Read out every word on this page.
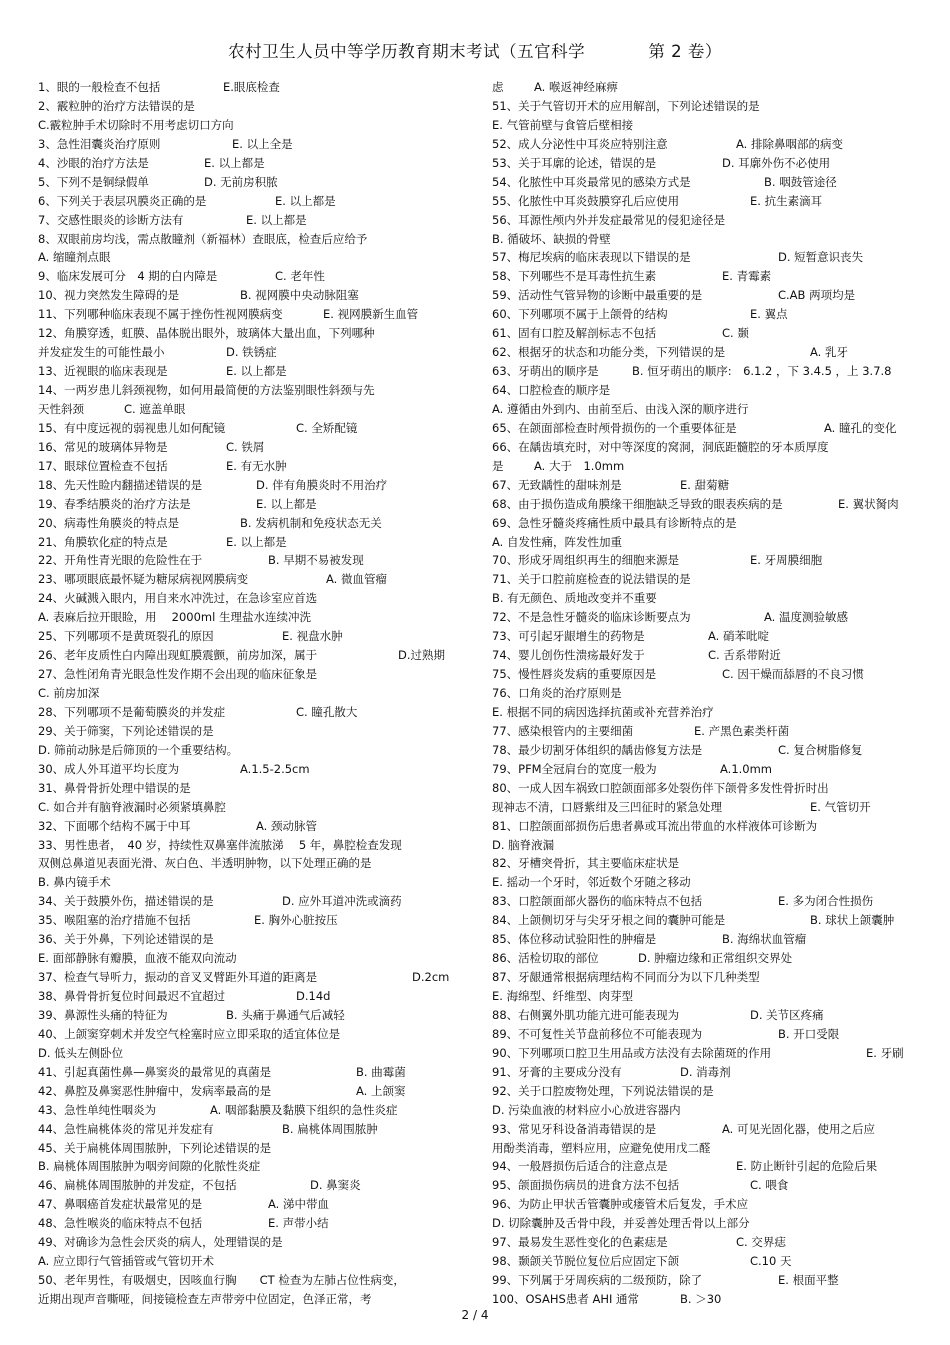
农村卫生人员中等学历教育期末考试（五官科学	第 2 卷）
1、眼的一般检查不包括	E.眼底检查
2、霰粒肿的治疗方法错误的是
C.霰粒肿手术切除时不用考虑切口方向
3、急性泪囊炎治疗原则	E. 以上全是
4、沙眼的治疗方法是	E. 以上都是
5、下列不是铜绿假单	D. 无前房积脓
6、下列关于表层巩膜炎正确的是	E. 以上都是
7、交感性眼炎的诊断方法有	E. 以上都是
8、双眼前房均浅，需点散瞳剂（新福林）查眼底，检查后应给予
A. 缩瞳剂点眼
9、临床发展可分　4 期的白内障是	C. 老年性
10、视力突然发生障碍的是	B. 视网膜中央动脉阻塞
11、下列哪种临床表现不属于挫伤性视网膜病变	E. 视网膜新生血管
12、角膜穿透，虹膜、晶体脱出眼外，玻璃体大量出血，下列哪种
并发症发生的可能性最小	D. 铁锈症
13、近视眼的临床表现是	E. 以上都是
14、一两岁患儿斜颈视物，如何用最简便的方法鉴别眼性斜颈与先
天性斜颈	C. 遮盖单眼
15、有中度远视的弱视患儿如何配镜	C. 全矫配镜
16、常见的玻璃体异物是	C. 铁屑
17、眼球位置检查不包括	E. 有无水肿
18、先天性睑内翻描述错误的是	D. 伴有角膜炎时不用治疗
19、春季结膜炎的治疗方法是	E. 以上都是
20、病毒性角膜炎的特点是	B. 发病机制和免疫状态无关
21、角膜软化症的特点是	E. 以上都是
22、开角性青光眼的危险性在于	B. 早期不易被发现
23、哪项眼底最怀疑为糖尿病视网膜病变	A. 微血管瘤
24、火碱溅入眼内，用自来水冲洗过，在急诊室应首选
A. 表麻后拉开眼睑，用　 2000ml 生理盐水连续冲洗
25、下列哪项不是黄斑裂孔的原因	E. 视盘水肿
26、老年皮质性白内障出现虹膜震颤，前房加深，属于	D.过熟期
27、急性闭角青光眼急性发作期不会出现的临床征象是
C. 前房加深
28、下列哪项不是葡萄膜炎的并发症	C. 瞳孔散大
29、关于筛窦，下列论述错误的是
D. 筛前动脉是后筛顶的一个重要结构。
30、成人外耳道平均长度为	A.1.5-2.5cm
31、鼻骨骨折处理中错误的是
C. 如合并有脑脊液漏时必须紧填鼻腔
32、下面哪个结构不属于中耳	A. 颈动脉管
33、男性患者，　40 岁，持续性双鼻塞伴流脓涕　 5 年，鼻腔检查发现
双侧总鼻道见表面光滑、灰白色、半透明肿物，以下处理正确的是
B. 鼻内镜手术
34、关于鼓膜外伤，描述错误的是	D. 应外耳道冲洗或滴药
35、喉阻塞的治疗措施不包括	E. 胸外心脏按压
36、关于外鼻，下列论述错误的是
E. 面部静脉有瓣膜，血液不能双向流动
37、检查气导听力，振动的音叉叉臂距外耳道的距离是	D.2cm
38、鼻骨骨折复位时间最迟不宜超过	D.14d
39、鼻源性头痛的特征为	B. 头痛于鼻通气后减轻
40、上颌窦穿刺术并发空气栓塞时应立即采取的适宜体位是
D. 低头左侧卧位
41、引起真菌性鼻—鼻窦炎的最常见的真菌是	B. 曲霉菌
42、鼻腔及鼻窦恶性肿瘤中，发病率最高的是	A. 上颌窦
43、急性单纯性咽炎为	A. 咽部黏膜及黏膜下组织的急性炎症
44、急性扁桃体炎的常见并发症有	B. 扁桃体周围脓肿
45、关于扁桃体周围脓肿，下列论述错误的是
B. 扁桃体周围脓肿为咽旁间隙的化脓性炎症
46、扁桃体周围脓肿的并发症，不包括	D. 鼻窦炎
47、鼻咽癌首发症状最常见的是	A. 涕中带血
48、急性喉炎的临床特点不包括	E. 声带小结
49、对确诊为急性会厌炎的病人，处理错误的是
A. 应立即行气管插管或气管切开术
50、老年男性，有吸烟史，因咳血行胸　　CT 检查为左肺占位性病变，
近期出现声音嘶哑，间接镜检查左声带旁中位固定，色泽正常，考
虑	A. 喉返神经麻痹
51、关于气管切开术的应用解剖，下列论述错误的是
E. 气管前壁与食管后壁相接
52、成人分泌性中耳炎应特别注意	A. 排除鼻咽部的病变
53、关于耳廓的论述，错误的是	D. 耳廓外伤不必使用
54、化脓性中耳炎最常见的感染方式是	B. 咽鼓管途径
55、化脓性中耳炎鼓膜穿孔后应使用	E. 抗生素滴耳
56、耳源性颅内外并发症最常见的侵犯途径是
B. 循破坏、缺损的骨壁
57、梅尼埃病的临床表现以下错误的是	D. 短暂意识丧失
58、下列哪些不是耳毒性抗生素	E. 青霉素
59、活动性气管异物的诊断中最重要的是	C.AB 两项均是
60、下列哪项不属于上颌骨的结构	E. 翼点
61、固有口腔及解剖标志不包括	C. 颞
62、根据牙的状态和功能分类，下列错误的是	A. 乳牙
63、牙萌出的顺序是	B. 恒牙萌出的顺序:　6.1.2 ，下 3.4.5 ，上 3.7.8
64、口腔检查的顺序是
A. 遵循由外到内、由前至后、由浅入深的顺序进行
65、在颌面部检查时颅骨损伤的一个重要体征是	A. 瞳孔的变化
66、在龋齿填充时，对中等深度的窝洞，洞底距髓腔的牙本质厚度
是	A. 大于　1.0mm
67、无致龋性的甜味剂是	E. 甜菊糖
68、由于损伤造成角膜缘干细胞缺乏导致的眼表疾病的是	E. 翼状胬肉
69、急性牙髓炎疼痛性质中最具有诊断特点的是
A. 自发性痛，阵发性加重
70、形成牙周组织再生的细胞来源是	E. 牙周膜细胞
71、关于口腔前庭检查的说法错误的是
B. 有无颜色、质地改变并不重要
72、不是急性牙髓炎的临床诊断要点为	A. 温度测验敏感
73、可引起牙龈增生的药物是	A. 硝苯吡啶
74、婴儿创伤性溃疡最好发于	C. 舌系带附近
75、慢性唇炎发病的重要原因是	C. 因干燥而舔唇的不良习惯
76、口角炎的治疗原则是
E. 根据不同的病因选择抗菌或补充营养治疗
77、感染根管内的主要细菌	E. 产黑色素类杆菌
78、最少切割牙体组织的龋齿修复方法是	C. 复合树脂修复
79、PFM全冠肩台的宽度一般为	A.1.0mm
80、一成人因车祸致口腔颌面部多处裂伤伴下颌骨多发性骨折时出
现神志不清，口唇紫绀及三凹征时的紧急处理	E. 气管切开
81、口腔颌面部损伤后患者鼻或耳流出带血的水样液体可诊断为
D. 脑脊液漏
82、牙槽突骨折，其主要临床症状是
E. 摇动一个牙时，邻近数个牙随之移动
83、口腔颌面部火器伤的临床特点不包括	E. 多为闭合性损伤
84、上颌侧切牙与尖牙牙根之间的囊肿可能是	B. 球状上颌囊肿
85、体位移动试验阳性的肿瘤是	B. 海绵状血管瘤
86、活检切取的部位	D. 肿瘤边缘和正常组织交界处
87、牙龈通常根据病理结构不同而分为以下几种类型
E. 海绵型、纤维型、肉芽型
88、右侧翼外肌功能亢进可能表现为	D. 关节区疼痛
89、不可复性关节盘前移位不可能表现为	B. 开口受限
90、下列哪项口腔卫生用品或方法没有去除菌斑的作用	E. 牙刷
91、牙膏的主要成分没有	D. 消毒剂
92、关于口腔废物处理，下列说法错误的是
D. 污染血液的材料应小心放进容器内
93、常见牙科设备消毒错误的是	A. 可见光固化器，使用之后应
用酚类消毒，塑料应用，应避免使用戊二醛
94、一般唇损伤后适合的注意点是	E. 防止断针引起的危险后果
95、颌面损伤病员的进食方法不包括	C. 喂食
96、为防止甲状舌管囊肿或瘘管术后复发，手术应
D. 切除囊肿及舌骨中段，并妥善处理舌骨以上部分
97、最易发生恶性变化的色素痣是	C. 交界痣
98、颞颌关节脱位复位后应固定下颌	C.10 天
99、下列属于牙周疾病的二级预防，除了	E. 根面平整
100、OSAHS患者 AHI 通常	B. ＞30
2 / 4
